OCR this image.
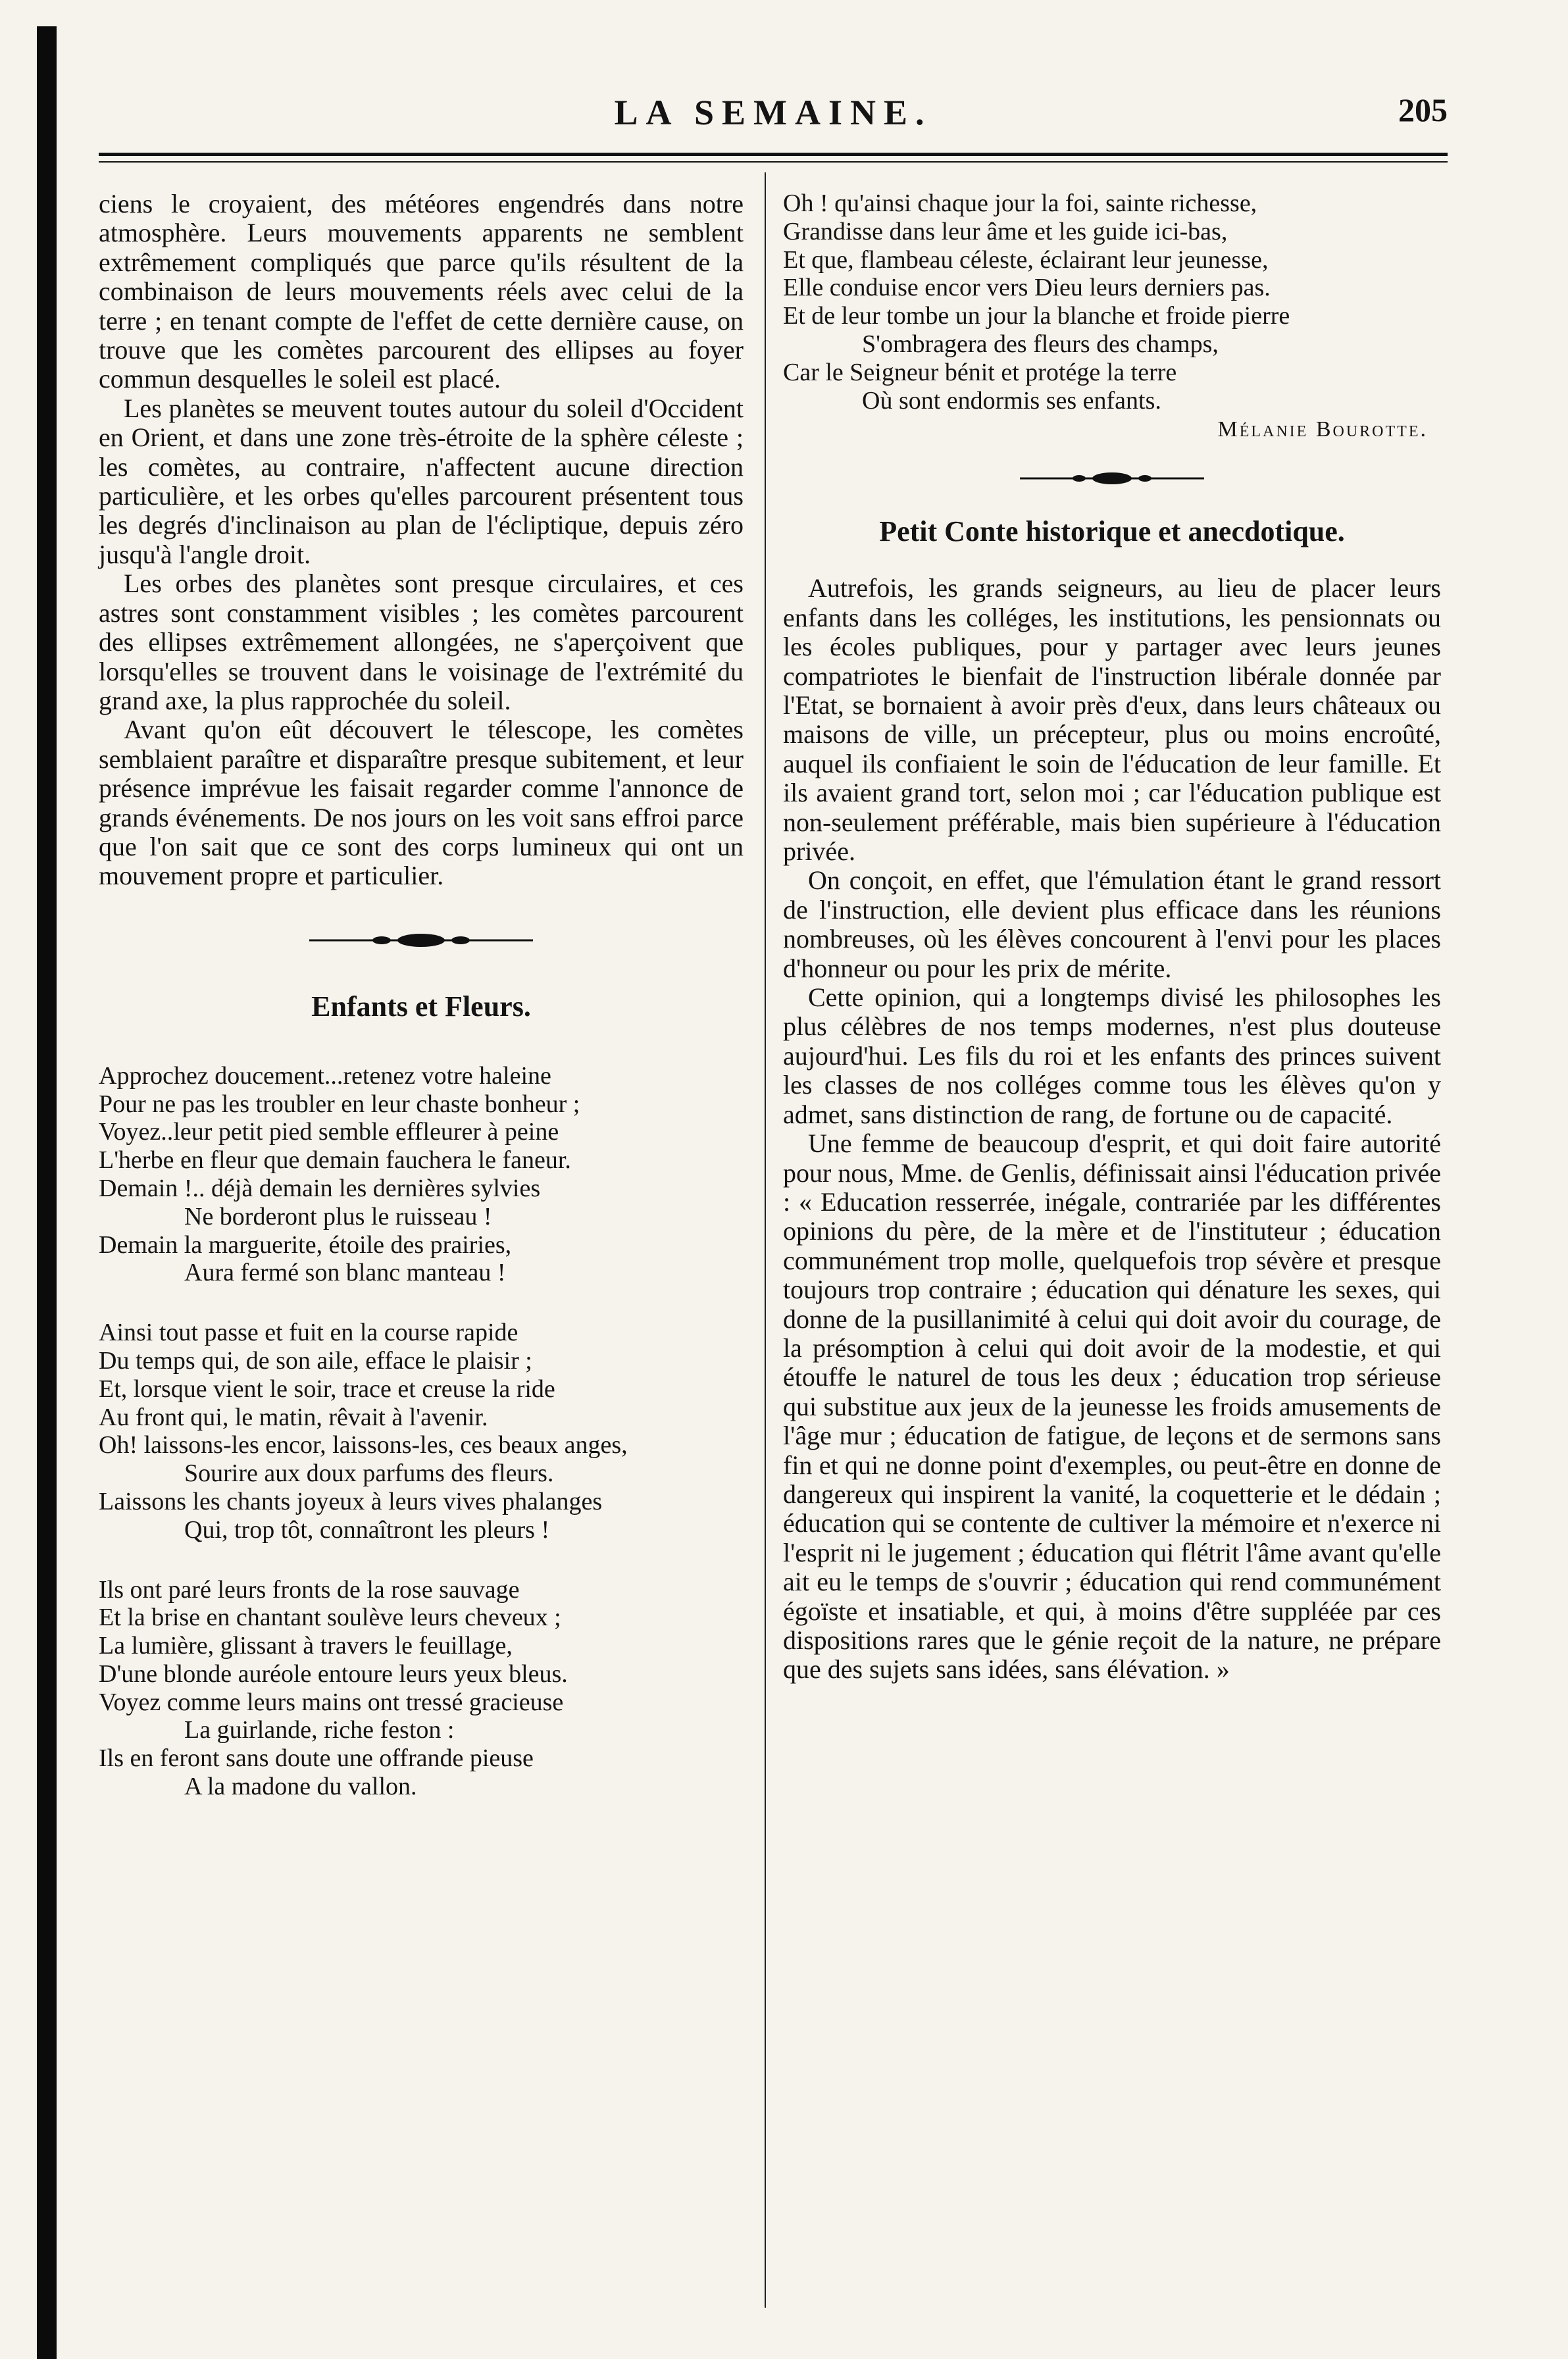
LA SEMAINE.	205

ciens le croyaient, des météores engendrés dans notre atmosphère. Leurs mouvements apparents ne semblent extrêmement compliqués que parce qu'ils résultent de la combinaison de leurs mouvements réels avec celui de la terre ; en tenant compte de l'effet de cette dernière cause, on trouve que les comètes parcourent des ellipses au foyer commun desquelles le soleil est placé.

Les planètes se meuvent toutes autour du soleil d'Occident en Orient, et dans une zone très-étroite de la sphère céleste ; les comètes, au contraire, n'affectent aucune direction particulière, et les orbes qu'elles parcourent présentent tous les degrés d'inclinaison au plan de l'écliptique, depuis zéro jusqu'à l'angle droit.

Les orbes des planètes sont presque circulaires, et ces astres sont constamment visibles ; les comètes parcourent des ellipses extrêmement allongées, ne s'aperçoivent que lorsqu'elles se trouvent dans le voisinage de l'extrémité du grand axe, la plus rapprochée du soleil.

Avant qu'on eût découvert le télescope, les comètes semblaient paraître et disparaître presque subitement, et leur présence imprévue les faisait regarder comme l'annonce de grands événements. De nos jours on les voit sans effroi parce que l'on sait que ce sont des corps lumineux qui ont un mouvement propre et particulier.

Enfants et Fleurs.
Approchez doucement...retenez votre haleine
Pour ne pas les troubler en leur chaste bonheur ;
Voyez..leur petit pied semble effleurer à peine
L'herbe en fleur que demain fauchera le faneur.
Demain !.. déjà demain les dernières sylvies
Ne borderont plus le ruisseau !
Demain la marguerite, étoile des prairies,
Aura fermé son blanc manteau !
Ainsi tout passe et fuit en la course rapide
Du temps qui, de son aile, efface le plaisir ;
Et, lorsque vient le soir, trace et creuse la ride
Au front qui, le matin, rêvait à l'avenir.
Oh! laissons-les encor, laissons-les, ces beaux anges,
Sourire aux doux parfums des fleurs.
Laissons les chants joyeux à leurs vives phalanges
Qui, trop tôt, connaîtront les pleurs !
Ils ont paré leurs fronts de la rose sauvage
Et la brise en chantant soulève leurs cheveux ;
La lumière, glissant à travers le feuillage,
D'une blonde auréole entoure leurs yeux bleus.
Voyez comme leurs mains ont tressé gracieuse
La guirlande, riche feston :
Ils en feront sans doute une offrande pieuse
A la madone du vallon.
Oh ! qu'ainsi chaque jour la foi, sainte richesse,
Grandisse dans leur âme et les guide ici-bas,
Et que, flambeau céleste, éclairant leur jeunesse,
Elle conduise encor vers Dieu leurs derniers pas.
Et de leur tombe un jour la blanche et froide pierre
S'ombragera des fleurs des champs,
Car le Seigneur bénit et protége la terre
Où sont endormis ses enfants.
Mélanie Bourotte.
Petit Conte historique et anecdotique.

Autrefois, les grands seigneurs, au lieu de placer leurs enfants dans les colléges, les institutions, les pensionnats ou les écoles publiques, pour y partager avec leurs jeunes compatriotes le bienfait de l'instruction libérale donnée par l'Etat, se bornaient à avoir près d'eux, dans leurs châteaux ou maisons de ville, un précepteur, plus ou moins encroûté, auquel ils confiaient le soin de l'éducation de leur famille. Et ils avaient grand tort, selon moi ; car l'éducation publique est non-seulement préférable, mais bien supérieure à l'éducation privée.

On conçoit, en effet, que l'émulation étant le grand ressort de l'instruction, elle devient plus efficace dans les réunions nombreuses, où les élèves concourent à l'envi pour les places d'honneur ou pour les prix de mérite.

Cette opinion, qui a longtemps divisé les philosophes les plus célèbres de nos temps modernes, n'est plus douteuse aujourd'hui. Les fils du roi et les enfants des princes suivent les classes de nos colléges comme tous les élèves qu'on y admet, sans distinction de rang, de fortune ou de capacité.

Une femme de beaucoup d'esprit, et qui doit faire autorité pour nous, Mme. de Genlis, définissait ainsi l'éducation privée : « Education resserrée, inégale, contrariée par les différentes opinions du père, de la mère et de l'instituteur ; éducation communément trop molle, quelquefois trop sévère et presque toujours trop contraire ; éducation qui dénature les sexes, qui donne de la pusillanimité à celui qui doit avoir du courage, de la présomption à celui qui doit avoir de la modestie, et qui étouffe le naturel de tous les deux ; éducation trop sérieuse qui substitue aux jeux de la jeunesse les froids amusements de l'âge mur ; éducation de fatigue, de leçons et de sermons sans fin et qui ne donne point d'exemples, ou peut-être en donne de dangereux qui inspirent la vanité, la coquetterie et le dédain ; éducation qui se contente de cultiver la mémoire et n'exerce ni l'esprit ni le jugement ; éducation qui flétrit l'âme avant qu'elle ait eu le temps de s'ouvrir ; éducation qui rend communément égoïste et insatiable, et qui, à moins d'être suppléée par ces dispositions rares que le génie reçoit de la nature, ne prépare que des sujets sans idées, sans élévation. »
